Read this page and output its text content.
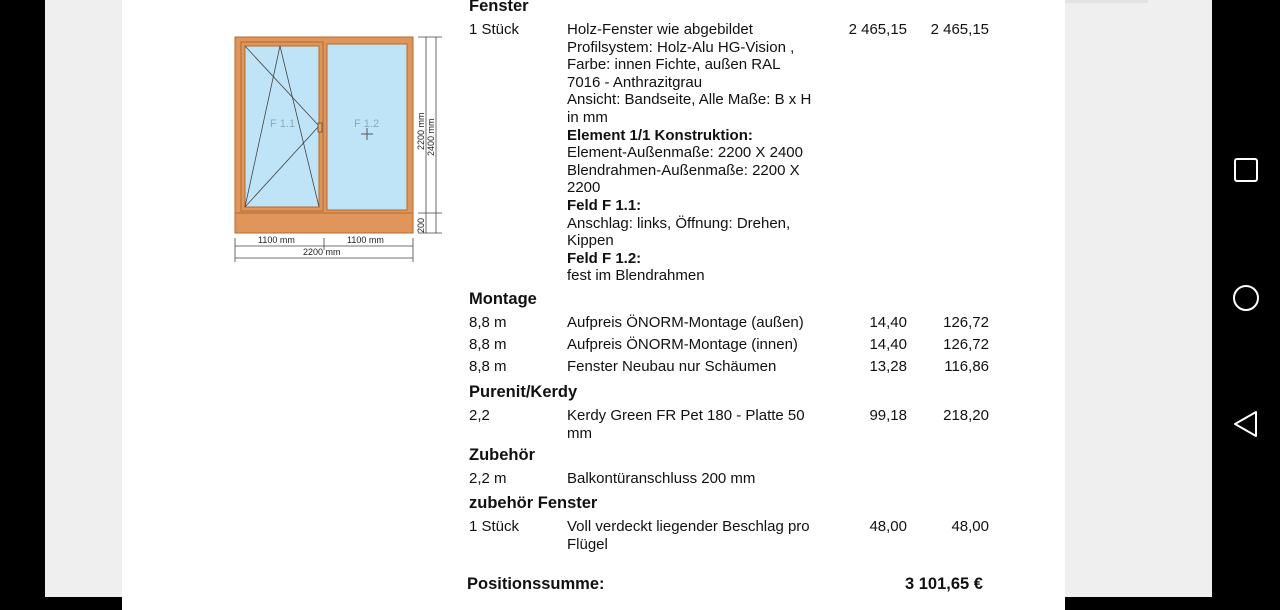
F 1.1	F 1.2
1100 mm	1100 mm
2200 mm
2200 mm 2400 mm
200
Fenster
1 Stück	Holz-Fenster wie abgebildet
Profilsystem: Holz-Alu HG-Vision ,
Farbe: innen Fichte, außen RAL
7016 - Anthrazitgrau
Ansicht: Bandseite, Alle Maße: B x H
in mm
Element 1/1 Konstruktion:
Element-Außenmaße: 2200 X 2400
Blendrahmen-Außenmaße: 2200 X
2200
Feld F 1.1:
Anschlag: links, Öffnung: Drehen,
Kippen
Feld F 1.2:
fest im Blendrahmen
2 465,15	2 465,15
Montage
8,8 m	Aufpreis ÖNORM-Montage (außen)	14,40	126,72
8,8 m	Aufpreis ÖNORM-Montage (innen)	14,40	126,72
8,8 m	Fenster Neubau nur Schäumen	13,28	116,86
Purenit/Kerdy
2,2	Kerdy Green FR Pet 180 - Platte 50
mm
99,18	218,20
Zubehör
2,2 m	Balkontüranschluss 200 mm
zubehör Fenster
1 Stück	Voll verdeckt liegender Beschlag pro
Flügel
48,00	48,00
Positionssumme:	3 101,65 €
